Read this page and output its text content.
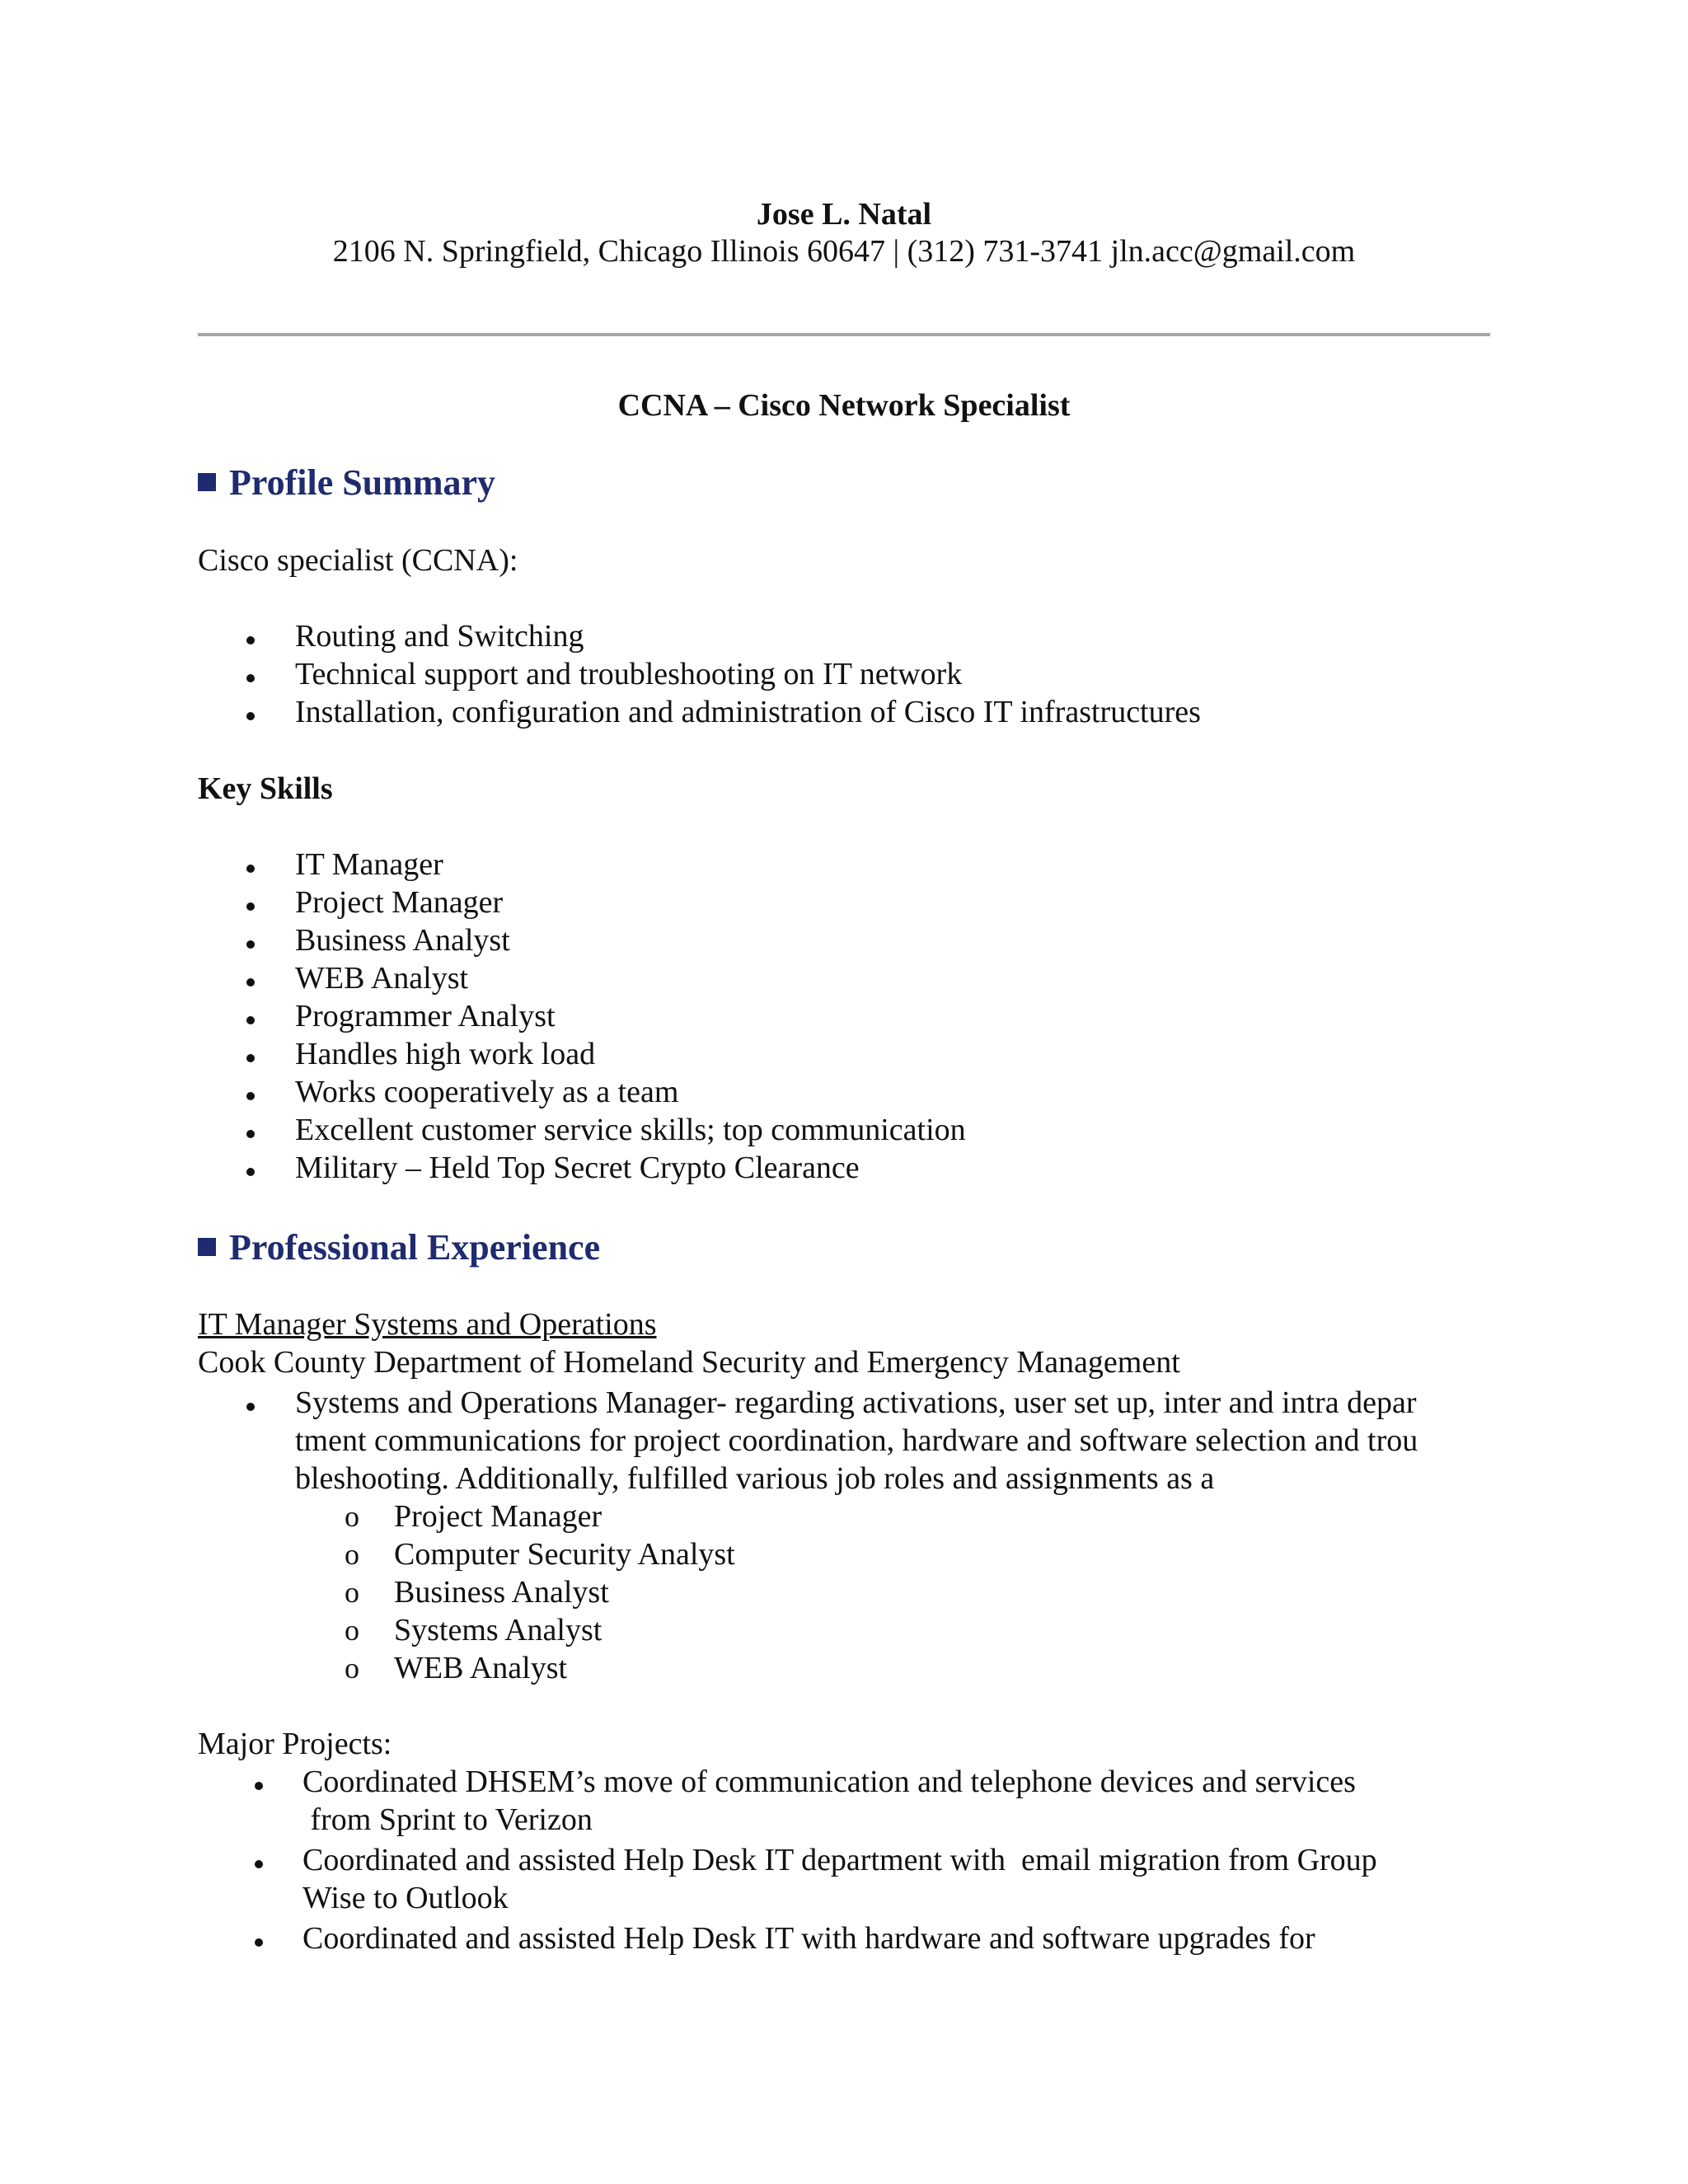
Jose L. Natal
2106 N. Springfield, Chicago Illinois 60647 | (312) 731-3741 jln.acc@gmail.com
CCNA – Cisco Network Specialist
Profile Summary
Cisco specialist (CCNA):
Routing and Switching
Technical support and troubleshooting on IT network
Installation, configuration and administration of Cisco IT infrastructures
Key Skills
IT Manager
Project Manager
Business Analyst
WEB Analyst
Programmer Analyst
Handles high work load
Works cooperatively as a team
Excellent customer service skills; top communication
Military – Held Top Secret Crypto Clearance
Professional Experience
IT Manager Systems and Operations
Cook County Department of Homeland Security and Emergency Management
Systems and Operations Manager- regarding activations, user set up, inter and intra depar
tment communications for project coordination, hardware and software selection and trou
bleshooting. Additionally, fulfilled various job roles and assignments as a
o Project Manager
o Computer Security Analyst
o Business Analyst
o Systems Analyst
o WEB Analyst
Major Projects:
Coordinated DHSEM’s move of communication and telephone devices and services
from Sprint to Verizon
Coordinated and assisted Help Desk IT department with  email migration from Group
Wise to Outlook
Coordinated and assisted Help Desk IT with hardware and software upgrades for
